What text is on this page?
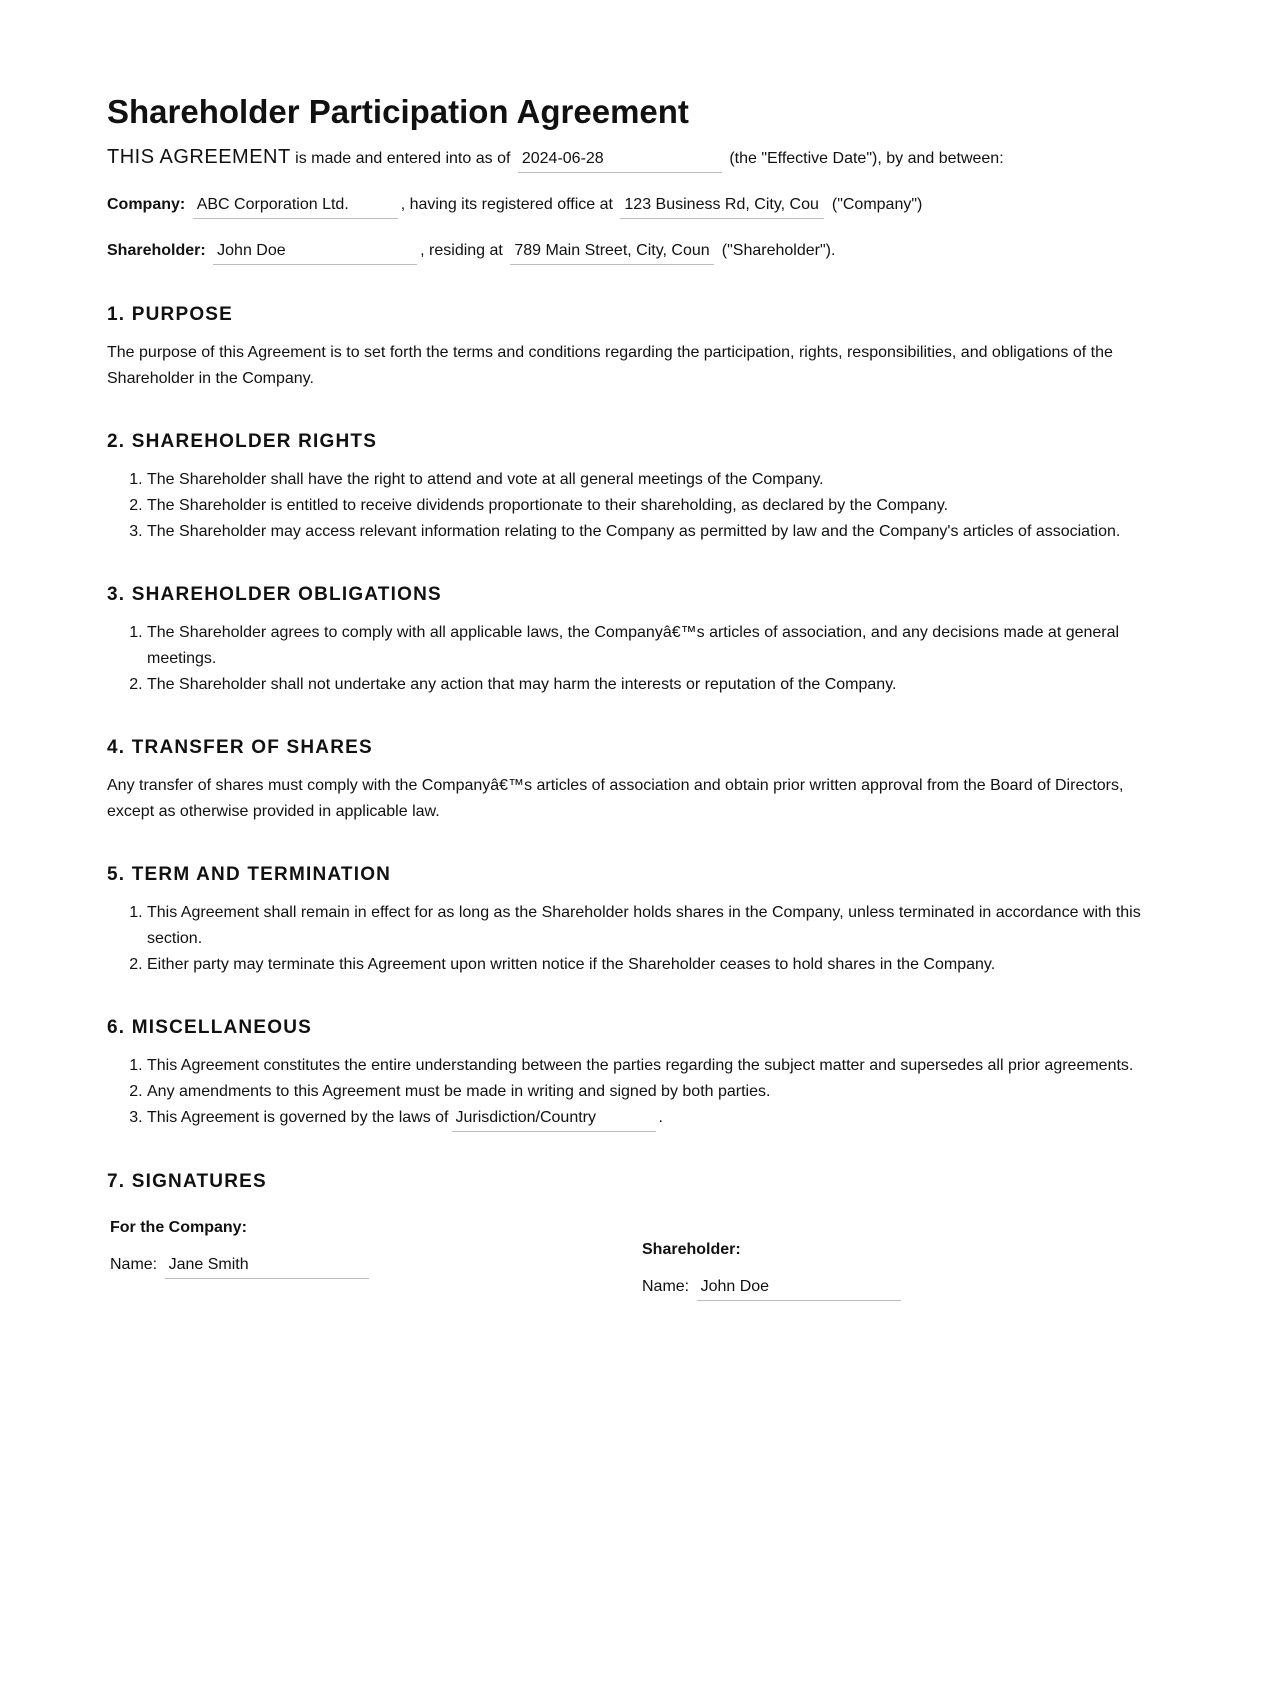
Shareholder Participation Agreement
THIS AGREEMENT is made and entered into as of 2024-06-28	(the "Effective Date"), by and between:
Company: ABC Corporation Ltd.	, having its registered office at 123 Business Rd, City, Country	("Company")
Shareholder: John Doe	, residing at 789 Main Street, City, Country	("Shareholder").
1. PURPOSE

The purpose of this Agreement is to set forth the terms and conditions regarding the participation, rights, responsibilities, and obligations of the Shareholder in the Company.

2. SHAREHOLDER RIGHTS
1. The Shareholder shall have the right to attend and vote at all general meetings of the Company.
2. The Shareholder is entitled to receive dividends proportionate to their shareholding, as declared by the Company.
3. The Shareholder may access relevant information relating to the Company as permitted by law and the Company's articles of association.
3. SHAREHOLDER OBLIGATIONS
1. The Shareholder agrees to comply with all applicable laws, the Companyâ€™s articles of association, and any decisions made at general meetings.
2. The Shareholder shall not undertake any action that may harm the interests or reputation of the Company.
4. TRANSFER OF SHARES

Any transfer of shares must comply with the Companyâ€™s articles of association and obtain prior written approval from the Board of Directors, except as otherwise provided in applicable law.

5. TERM AND TERMINATION
1. This Agreement shall remain in effect for as long as the Shareholder holds shares in the Company, unless terminated in accordance with this section.
2. Either party may terminate this Agreement upon written notice if the Shareholder ceases to hold shares in the Company.
6. MISCELLANEOUS
1. This Agreement constitutes the entire understanding between the parties regarding the subject matter and supersedes all prior agreements.
2. Any amendments to this Agreement must be made in writing and signed by both parties.
3. This Agreement is governed by the laws ofJurisdiction/Country	.
7. SIGNATURES
For the Company:
Name: Jane Smith
Shareholder:
Name: John Doe
